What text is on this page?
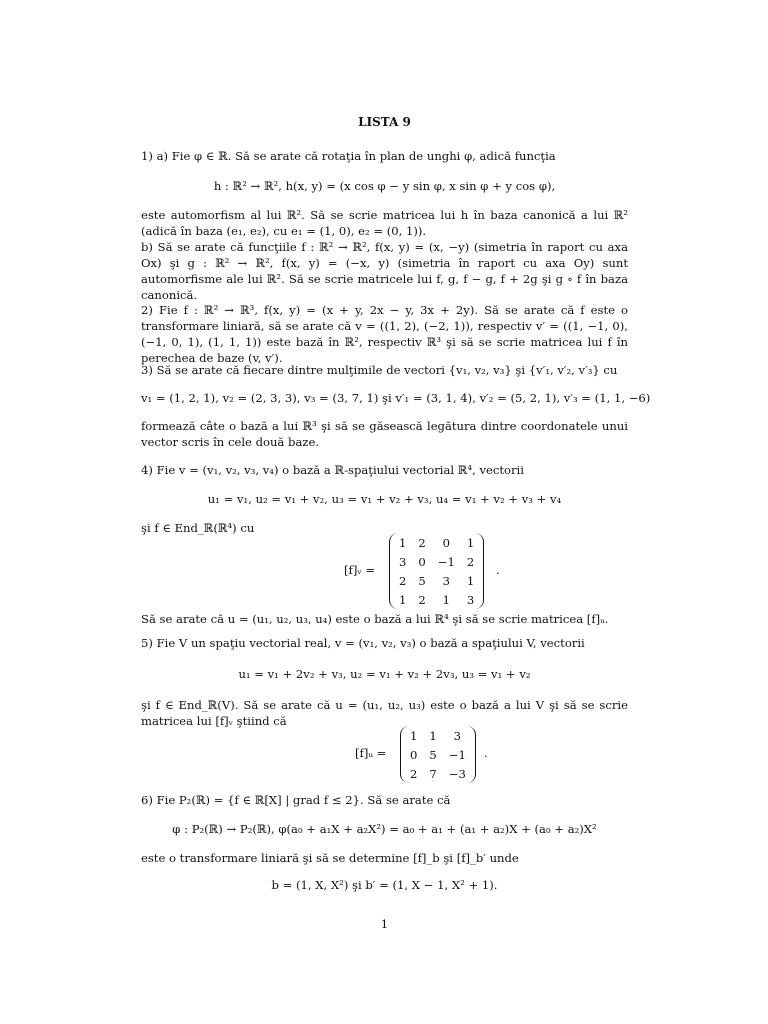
LISTA 9
1) a) Fie φ ∈ ℝ. Să se arate că rotaţia în plan de unghi φ, adică funcţia
h : ℝ² → ℝ², h(x, y) = (x cos φ − y sin φ, x sin φ + y cos φ),
este automorfism al lui ℝ². Să se scrie matricea lui h în baza canonică a lui ℝ² (adică în baza (e₁, e₂), cu e₁ = (1, 0), e₂ = (0, 1)).
b) Să se arate că funcţiile f : ℝ² → ℝ², f(x, y) = (x, −y) (simetria în raport cu axa Ox) şi g : ℝ² → ℝ², f(x, y) = (−x, y) (simetria în raport cu axa Oy) sunt automorfisme ale lui ℝ². Să se scrie matricele lui f, g, f − g, f + 2g şi g ∘ f în baza canonică.
2) Fie f : ℝ² → ℝ³, f(x, y) = (x + y, 2x − y, 3x + 2y). Să se arate că f este o transformare liniară, să se arate că v = ((1, 2), (−2, 1)), respectiv v′ = ((1, −1, 0), (−1, 0, 1), (1, 1, 1)) este bază în ℝ², respectiv ℝ³ şi să se scrie matricea lui f în perechea de baze (v, v′).
3) Să se arate că fiecare dintre mulţimile de vectori {v₁, v₂, v₃} şi {v′₁, v′₂, v′₃} cu
v₁ = (1, 2, 1), v₂ = (2, 3, 3), v₃ = (3, 7, 1) şi v′₁ = (3, 1, 4), v′₂ = (5, 2, 1), v′₃ = (1, 1, −6)
formează câte o bază a lui ℝ³ şi să se găsească legătura dintre coordonatele unui vector scris în cele două baze.
4) Fie v = (v₁, v₂, v₃, v₄) o bază a ℝ-spaţiului vectorial ℝ⁴, vectorii
u₁ = v₁, u₂ = v₁ + v₂, u₃ = v₁ + v₂ + v₃, u₄ = v₁ + v₂ + v₃ + v₄
şi f ∈ End_ℝ(ℝ⁴) cu
[f]ᵥ =
1	2	0	1
3	0	−1	2
2	5	3	1
1	2	1	3
.
Să se arate că u = (u₁, u₂, u₃, u₄) este o bază a lui ℝ⁴ şi să se scrie matricea [f]ᵤ.
5) Fie V un spaţiu vectorial real, v = (v₁, v₂, v₃) o bază a spaţiului V, vectorii
u₁ = v₁ + 2v₂ + v₃, u₂ = v₁ + v₂ + 2v₃, u₃ = v₁ + v₂
şi f ∈ End_ℝ(V). Să se arate că u = (u₁, u₂, u₃) este o bază a lui V şi să se scrie matricea lui [f]ᵥ ştiind că
[f]ᵤ =
1	1	3
0	5	−1
2	7	−3
.
6) Fie P₂(ℝ) = {f ∈ ℝ[X] | grad f ≤ 2}. Să se arate că
φ : P₂(ℝ) → P₂(ℝ), φ(a₀ + a₁X + a₂X²) = a₀ + a₁ + (a₁ + a₂)X + (a₀ + a₂)X²
este o transformare liniară şi să se determine [f]_b şi [f]_b′ unde
b = (1, X, X²) şi b′ = (1, X − 1, X² + 1).
1
